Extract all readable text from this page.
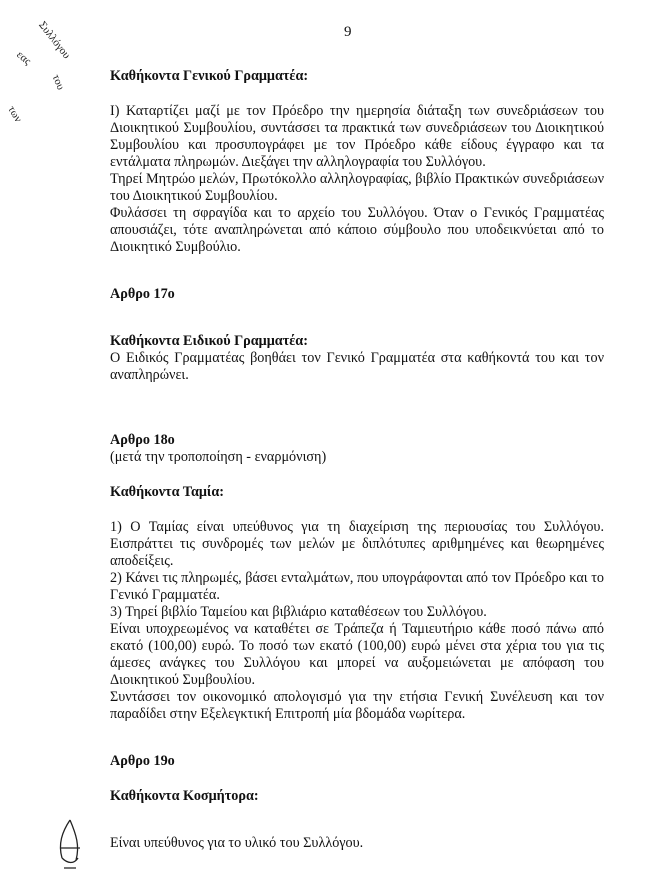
Συλλόγου
εας
του
των
9

Καθήκοντα Γενικού Γραμματέα:

Ι) Καταρτίζει μαζί με τον Πρόεδρο την ημερησία διάταξη των συνεδριάσεων του Διοικητικού Συμβουλίου, συντάσσει τα πρακτικά των συνεδριάσεων του Διοικητικού Συμβουλίου και προσυπογράφει με τον Πρόεδρο κάθε είδους έγγραφο και τα εντάλματα πληρωμών. Διεξάγει την αλληλογραφία του Συλλόγου.

Τηρεί Μητρώο μελών, Πρωτόκολλο αλληλογραφίας, βιβλίο Πρακτικών συνεδριάσεων του Διοικητικού Συμβουλίου.

Φυλάσσει τη σφραγίδα και το αρχείο του Συλλόγου. Όταν ο Γενικός Γραμματέας απουσιάζει, τότε αναπληρώνεται από κάποιο σύμβουλο που υποδεικνύεται από το Διοικητικό Συμβούλιο.

Αρθρο 17ο

Καθήκοντα Ειδικού Γραμματέα:

Ο Ειδικός Γραμματέας βοηθάει τον Γενικό Γραμματέα στα καθήκοντά του και τον αναπληρώνει.

Αρθρο 18ο

(μετά την τροποποίηση - εναρμόνιση)

Καθήκοντα Ταμία:

1) Ο Ταμίας είναι υπεύθυνος για τη διαχείριση της περιουσίας του Συλλόγου. Εισπράττει τις συνδρομές των μελών με διπλότυπες αριθμημένες και θεωρημένες αποδείξεις.

2) Κάνει τις πληρωμές, βάσει ενταλμάτων, που υπογράφονται από τον Πρόεδρο και το Γενικό Γραμματέα.

3) Τηρεί βιβλίο Ταμείου και βιβλιάριο καταθέσεων του Συλλόγου.

Είναι υποχρεωμένος να καταθέτει σε Τράπεζα ή Ταμιευτήριο κάθε ποσό πάνω από εκατό (100,00) ευρώ. Το ποσό των εκατό (100,00) ευρώ μένει στα χέρια του για τις άμεσες ανάγκες του Συλλόγου και μπορεί να αυξομειώνεται με απόφαση του Διοικητικού Συμβουλίου.

Συντάσσει τον οικονομικό απολογισμό για την ετήσια Γενική Συνέλευση και τον παραδίδει στην Εξελεγκτική Επιτροπή μία βδομάδα νωρίτερα.

Αρθρο 19ο

Καθήκοντα Κοσμήτορα:

Είναι υπεύθυνος για το υλικό του Συλλόγου.
